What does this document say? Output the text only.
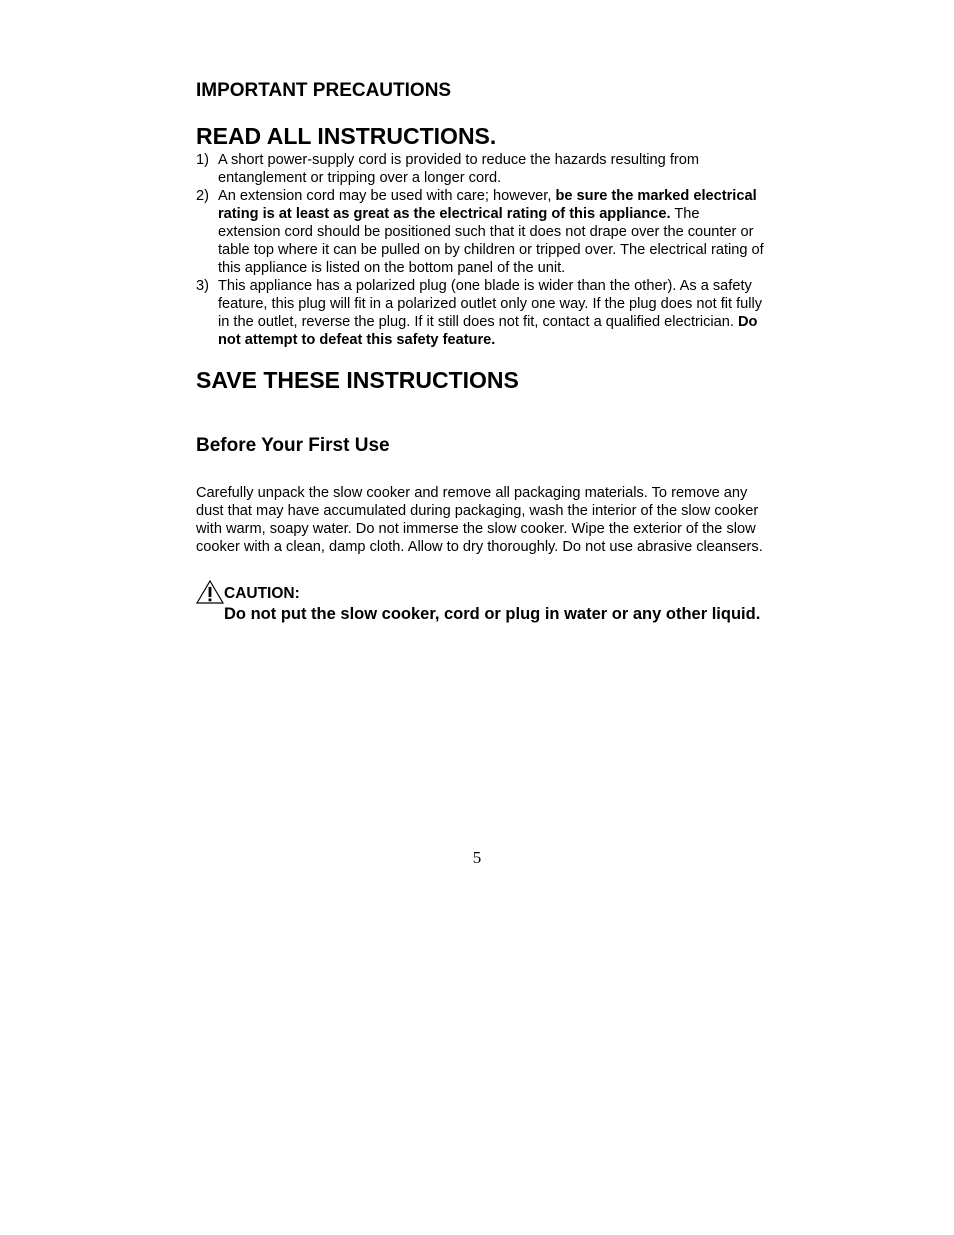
IMPORTANT PRECAUTIONS
READ ALL INSTRUCTIONS.
1) A short power-supply cord is provided to reduce the hazards resulting from entanglement or tripping over a longer cord.
2) An extension cord may be used with care; however, be sure the marked electrical rating is at least as great as the electrical rating of this appliance. The extension cord should be positioned such that it does not drape over the counter or table top where it can be pulled on by children or tripped over. The electrical rating of this appliance is listed on the bottom panel of the unit.
3) This appliance has a polarized plug (one blade is wider than the other). As a safety feature, this plug will fit in a polarized outlet only one way. If the plug does not fit fully in the outlet, reverse the plug. If it still does not fit, contact a qualified electrician. Do not attempt to defeat this safety feature.
SAVE THESE INSTRUCTIONS
Before Your First Use

Carefully unpack the slow cooker and remove all packaging materials. To remove any dust that may have accumulated during packaging, wash the interior of the slow cooker with warm, soapy water. Do not immerse the slow cooker. Wipe the exterior of the slow cooker with a clean, damp cloth. Allow to dry thoroughly. Do not use abrasive cleansers.

CAUTION:

Do not put the slow cooker, cord or plug in water or any other liquid.

5
